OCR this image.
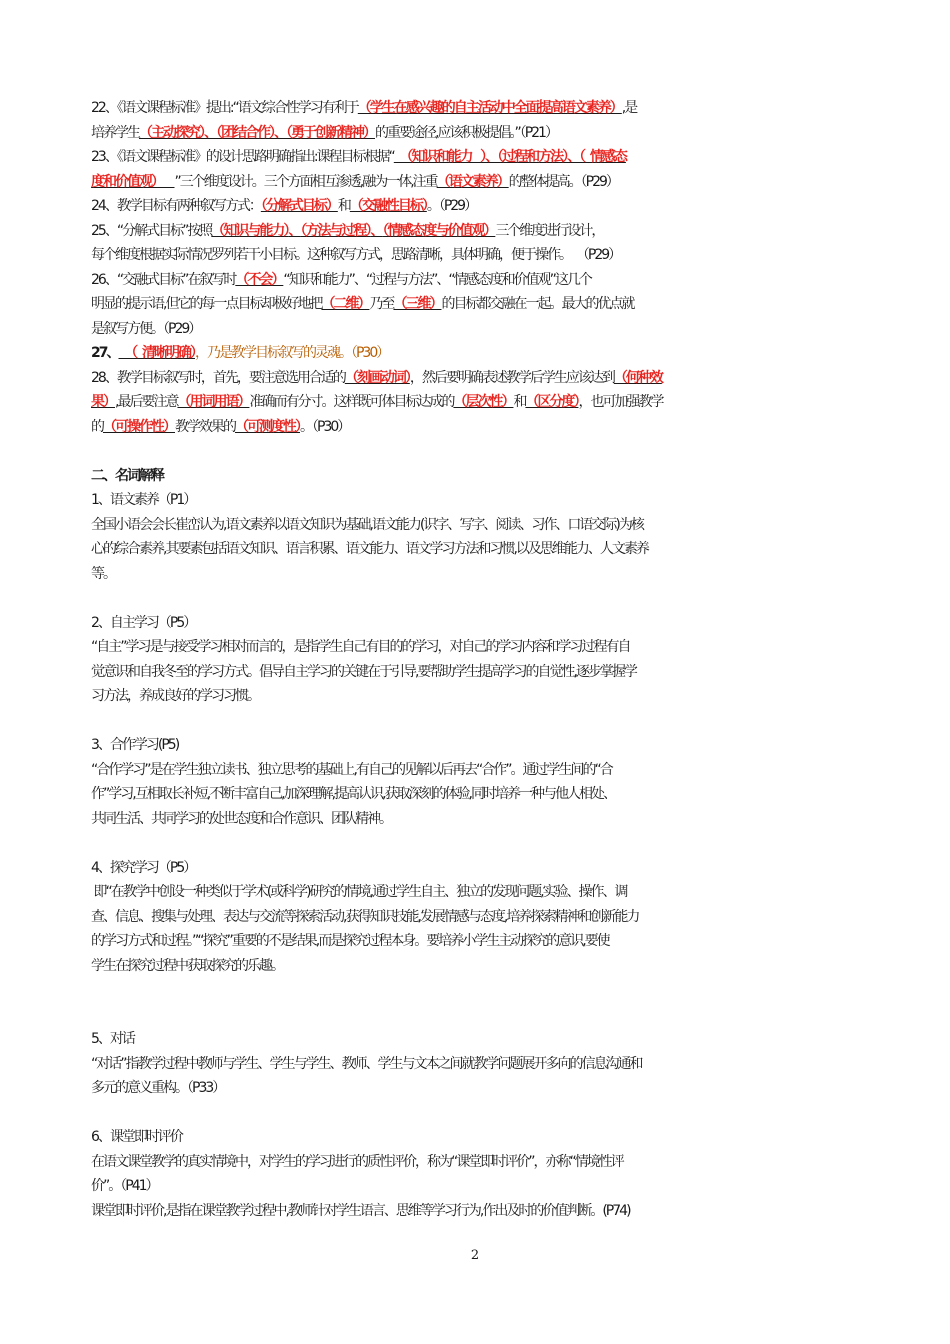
22、《语文课程标准》提出:“语文综合性学习有利于（学生在感兴趣的自主活动中全面提高语文素养）,是
培养学生（主动探究）、（团结合作）、（勇于创新精神）的重要途径,应该积极提倡。”（P21）
23、《语文课程标准》的设计思路明确指出:课程目标根据“  （知识和能力   ）、（过程和方法）、（  情感态
度和价值观）    ”三个维度设计。三个方面相互渗透,融为一体,注重（语文素养）的整体提高。（P29）
24、教学目标有两种叙写方式：（分解式目标）和（交融性目标）。（P29）
25、“分解式目标”按照（知识与能力）、（方法与过程）、（情感态度与价值观）三个维度进行设计，
每个维度根据实际情况罗列若干小目标。这种叙写方式，思路清晰，具体明确，便于操作。  （P29）
26、“交融式目标”在叙写时（不会）“知识和能力”、“过程与方法”、“情感态度和价值观”这几个
明显的提示语,但它的每一点目标却极好地把（二维）乃至（三维）的目标都交融在一起。最大的优点就
是叙写方便。（P29）
27、  （  清晰明确），乃是教学目标叙写的灵魂。（P30）
28、教学目标叙写时，首先，要注意选用合适的（刻画动词），然后要明确表述教学后学生应该达到（何种效
果）,最后要注意（用词用语）准确而有分寸。这样既可体目标达成的（层次性）和（区分度），也可加强教学
的（可操作性）教学效果的（可测度性）。（P30）
二、名词解释
1、语文素养（P1）
全国小语会会长崔峦认为,语文素养以语文知识为基础,语文能力(识字、写字、阅读、习作、口语交际)为核
心的综合素养,其要素包括语文知识、语言积累、语文能力、语文学习方法和习惯,以及思维能力、人文素养
等。
2、自主学习（P5）
“自主”学习是与接受学习相对而言的，是指学生自己有目的的学习，对自己的学习内容和学习过程有自
觉意识和自我冬至的学习方式。倡导自主学习的关键在于引导,要帮助学生提高学习的自觉性,逐步掌握学
习方法，养成良好的学习习惯。
3、合作学习(P5)
“合作学习”是在学生独立读书、独立思考的基础上,有自己的见解以后再去“合作”。通过学生间的“合
作”学习,互相取长补短,不断丰富自己,加深理解,提高认识,获取深刻的体验,同时培养一种与他人相处、
共同生活、共同学习的处世态度和合作意识、团队精神。
4、探究学习（P5）
即“在教学中创设一种类似于学术(或科学)研究的情境,通过学生自主、独立的发现问题,实验、操作、调
查、信息、搜集与处理、表达与交流等探索活动,获得知识技能,发展情感与态度,培养探索精神和创新能力
的学习方式和过程。”“探究”重要的不是结果,而是探究过程本身。要培养小学生主动探究的意识,要使
学生在探究过程中获取探究的乐趣。
5、对话
“对话”指教学过程中教师与学生、学生与学生、教师、学生与文本之间就教学问题展开多向的信息沟通和
多元的意义重构。（P33）
6、课堂即时评价
在语文课堂教学的真实情境中，对学生的学习进行的质性评价，称为“课堂即时评价”，亦称“情境性评
价”。（P41）
课堂即时评价,是指在课堂教学过程中,教师针对学生语言、思维等学习行为,作出及时的价值判断。(P74)
2
